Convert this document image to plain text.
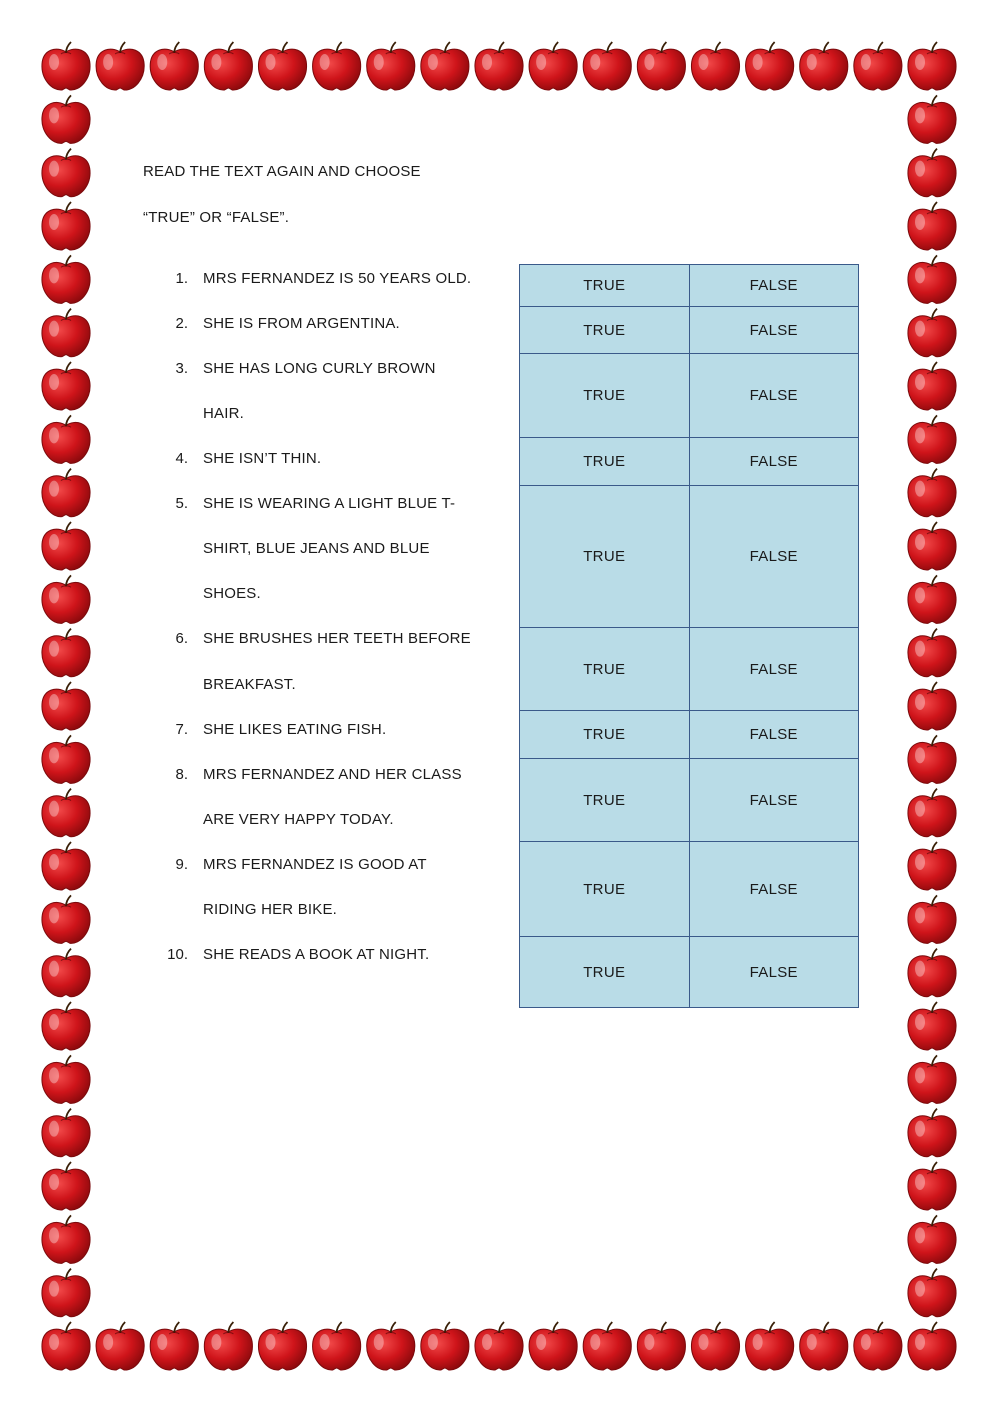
READ THE TEXT AGAIN AND CHOOSE
“TRUE” OR “FALSE”.
1. MRS FERNANDEZ IS 50 YEARS OLD.
2. SHE IS FROM ARGENTINA.
3. SHE HAS LONG CURLY BROWN
HAIR.
4. SHE ISN’T THIN.
5. SHE IS WEARING A LIGHT BLUE T-
SHIRT, BLUE JEANS AND BLUE
SHOES.
6. SHE BRUSHES HER TEETH BEFORE
BREAKFAST.
7. SHE LIKES EATING FISH.
8. MRS FERNANDEZ AND HER CLASS
ARE VERY HAPPY TODAY.
9. MRS FERNANDEZ IS GOOD AT
RIDING HER BIKE.
10. SHE READS A BOOK AT NIGHT.
TRUE	FALSE
TRUE	FALSE
TRUE	FALSE
TRUE	FALSE
TRUE	FALSE
TRUE	FALSE
TRUE	FALSE
TRUE	FALSE
TRUE	FALSE
TRUE	FALSE
